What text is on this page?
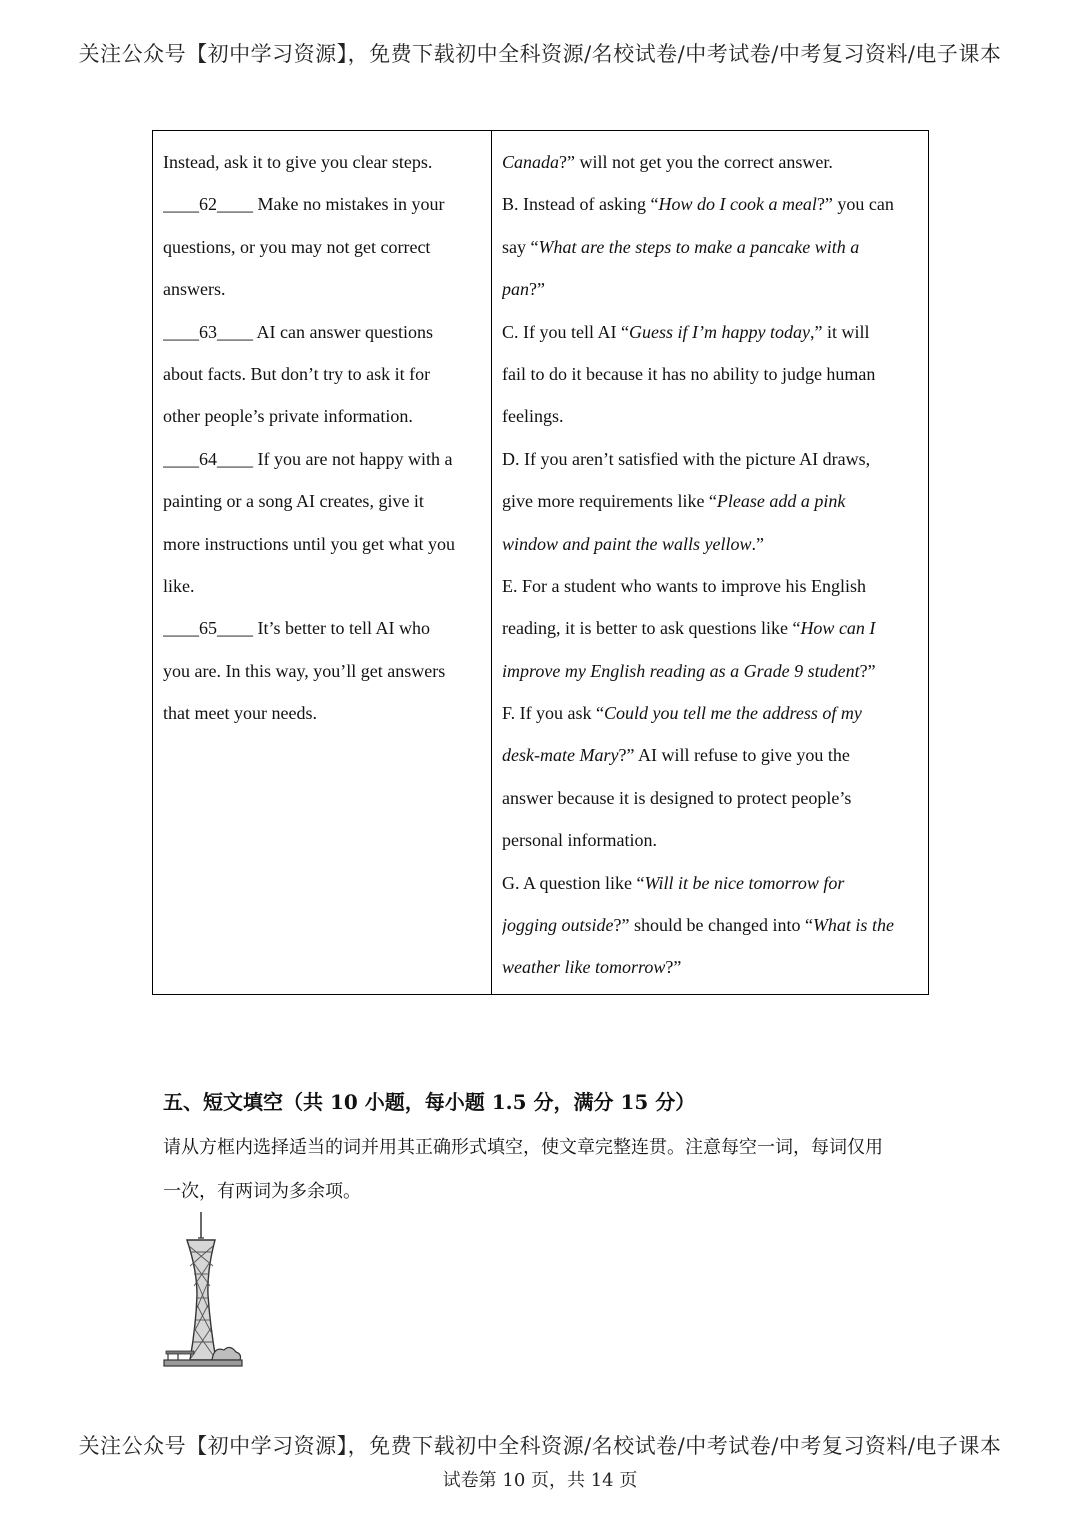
关注公众号【初中学习资源】，免费下载初中全科资源/名校试卷/中考试卷/中考复习资料/电子课本
Instead, ask it to give you clear steps.
____62____ Make no mistakes in your
questions, or you may not get correct
answers.
____63____ AI can answer questions
about facts. But don’t try to ask it for
other people’s private information.
____64____ If you are not happy with a
painting or a song AI creates, give it
more instructions until you get what you
like.
____65____ It’s better to tell AI who
you are. In this way, you’ll get answers
that meet your needs.

Canada?” will not get you the correct answer.
B. Instead of asking “How do I cook a meal?” you can
say “What are the steps to make a pancake with a
pan?”
C. If you tell AI “Guess if I’m happy today,” it will
fail to do it because it has no ability to judge human
feelings.
D. If you aren’t satisfied with the picture AI draws,
give more requirements like “Please add a pink
window and paint the walls yellow.”
E. For a student who wants to improve his English
reading, it is better to ask questions like “How can I
improve my English reading as a Grade 9 student?”
F. If you ask “Could you tell me the address of my
desk-mate Mary?” AI will refuse to give you the
answer because it is designed to protect people’s
personal information.
G. A question like “Will it be nice tomorrow for
jogging outside?” should be changed into “What is the
weather like tomorrow?”
五、短文填空（共 10 小题，每小题 1.5 分，满分 15 分）
请从方框内选择适当的词并用其正确形式填空，使文章完整连贯。注意每空一词，每词仅用
一次，有两词为多余项。
关注公众号【初中学习资源】，免费下载初中全科资源/名校试卷/中考试卷/中考复习资料/电子课本
试卷第 10 页，共 14 页
